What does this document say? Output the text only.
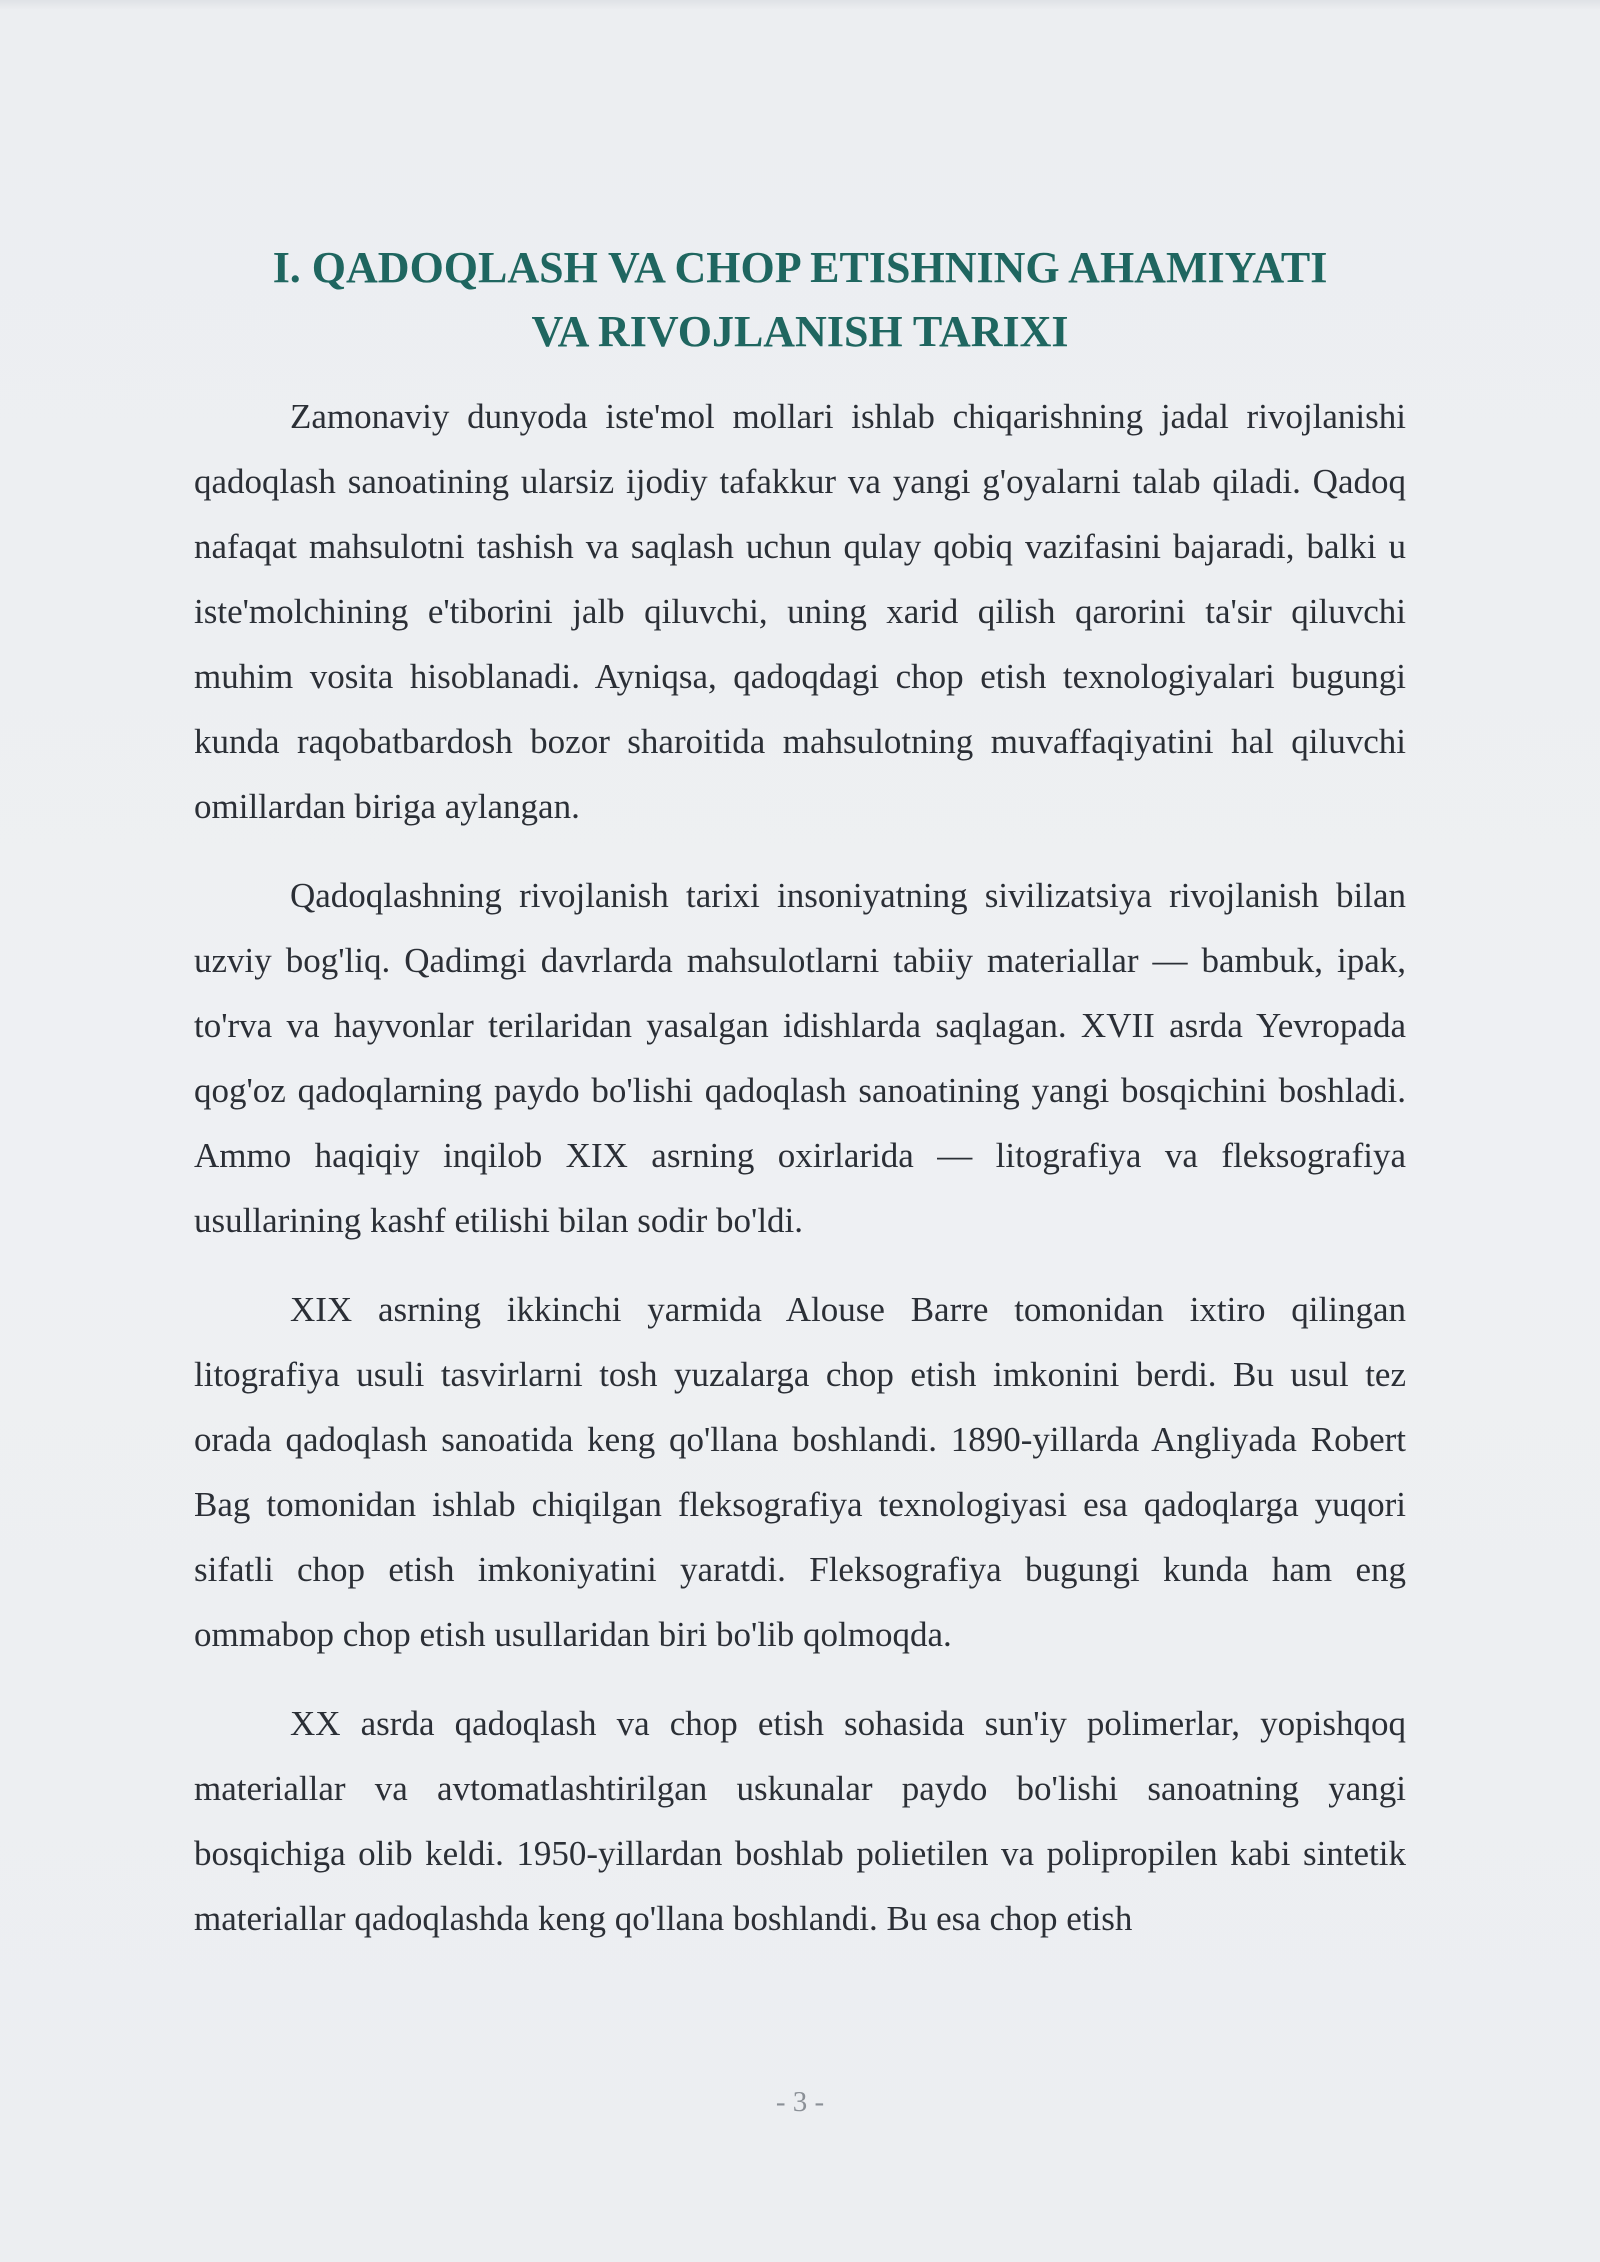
I. QADOQLASH VA CHOP ETISHNING AHAMIYATI
VA RIVOJLANISH TARIXI

Zamonaviy dunyoda iste'mol mollari ishlab chiqarishning jadal rivojlanishi qadoqlash sanoatining ularsiz ijodiy tafakkur va yangi g'oyalarni talab qiladi. Qadoq nafaqat mahsulotni tashish va saqlash uchun qulay qobiq vazifasini bajaradi, balki u iste'molchining e'tiborini jalb qiluvchi, uning xarid qilish qarorini ta'sir qiluvchi muhim vosita hisoblanadi. Ayniqsa, qadoqdagi chop etish texnologiyalari bugungi kunda raqobatbardosh bozor sharoitida mahsulotning muvaffaqiyatini hal qiluvchi omillardan biriga aylangan.

Qadoqlashning rivojlanish tarixi insoniyatning sivilizatsiya rivojlanish bilan uzviy bog'liq. Qadimgi davrlarda mahsulotlarni tabiiy materiallar — bambuk, ipak, to'rva va hayvonlar terilaridan yasalgan idishlarda saqlagan. XVII asrda Yevropada qog'oz qadoqlarning paydo bo'lishi qadoqlash sanoatining yangi bosqichini boshladi. Ammo haqiqiy inqilob XIX asrning oxirlarida — litografiya va fleksografiya usullarining kashf etilishi bilan sodir bo'ldi.

XIX asrning ikkinchi yarmida Alouse Barre tomonidan ixtiro qilingan litografiya usuli tasvirlarni tosh yuzalarga chop etish imkonini berdi. Bu usul tez orada qadoqlash sanoatida keng qo'llana boshlandi. 1890-yillarda Angliyada Robert Bag tomonidan ishlab chiqilgan fleksografiya texnologiyasi esa qadoqlarga yuqori sifatli chop etish imkoniyatini yaratdi. Fleksografiya bugungi kunda ham eng ommabop chop etish usullaridan biri bo'lib qolmoqda.

XX asrda qadoqlash va chop etish sohasida sun'iy polimerlar, yopishqoq materiallar va avtomatlashtirilgan uskunalar paydo bo'lishi sanoatning yangi bosqichiga olib keldi. 1950-yillardan boshlab polietilen va polipropilen kabi sintetik materiallar qadoqlashda keng qo'llana boshlandi. Bu esa chop etish

- 3 -
